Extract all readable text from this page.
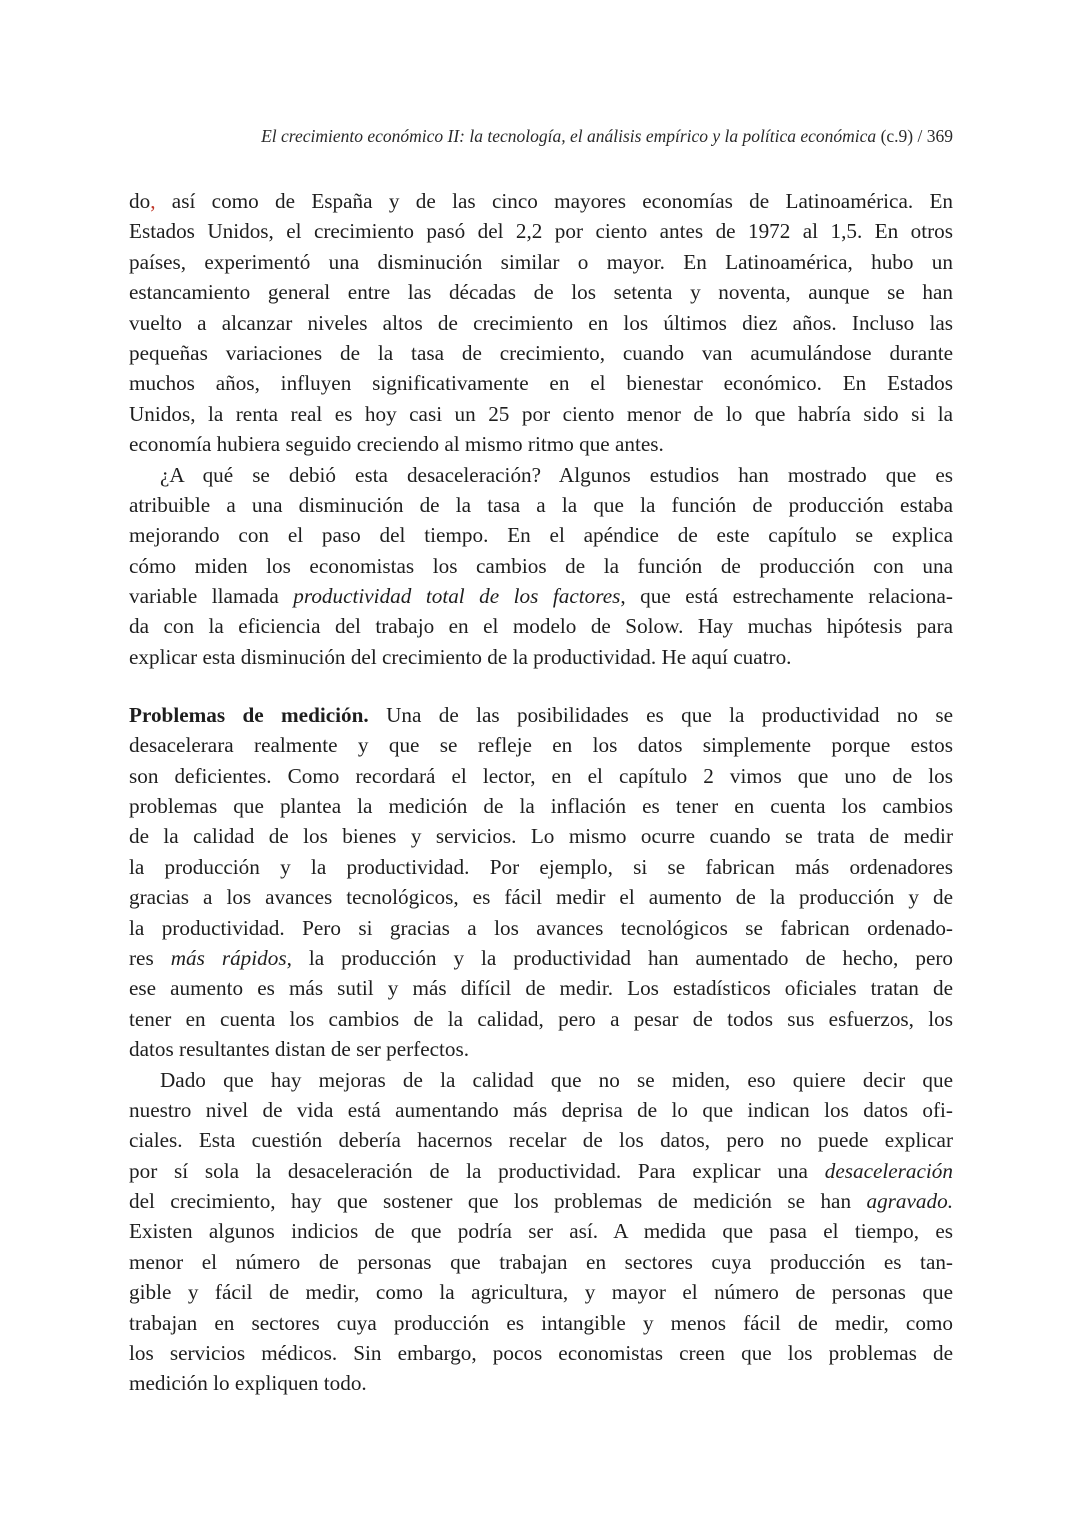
El crecimiento económico II: la tecnología, el análisis empírico y la política económica (c.9) / 369
do, así como de España y de las cinco mayores economías de Latinoamérica. En
Estados Unidos, el crecimiento pasó del 2,2 por ciento antes de 1972 al 1,5. En otros
países, experimentó una disminución similar o mayor. En Latinoamérica, hubo un
estancamiento general entre las décadas de los setenta y noventa, aunque se han
vuelto a alcanzar niveles altos de crecimiento en los últimos diez años. Incluso las
pequeñas variaciones de la tasa de crecimiento, cuando van acumulándose durante
muchos años, influyen significativamente en el bienestar económico. En Estados
Unidos, la renta real es hoy casi un 25 por ciento menor de lo que habría sido si la
economía hubiera seguido creciendo al mismo ritmo que antes.
¿A qué se debió esta desaceleración? Algunos estudios han mostrado que es
atribuible a una disminución de la tasa a la que la función de producción estaba
mejorando con el paso del tiempo. En el apéndice de este capítulo se explica
cómo miden los economistas los cambios de la función de producción con una
variable llamada productividad total de los factores, que está estrechamente relaciona-
da con la eficiencia del trabajo en el modelo de Solow. Hay muchas hipótesis para
explicar esta disminución del crecimiento de la productividad. He aquí cuatro.
Problemas de medición. Una de las posibilidades es que la productividad no se
desacelerara realmente y que se refleje en los datos simplemente porque estos
son deficientes. Como recordará el lector, en el capítulo 2 vimos que uno de los
problemas que plantea la medición de la inflación es tener en cuenta los cambios
de la calidad de los bienes y servicios. Lo mismo ocurre cuando se trata de medir
la producción y la productividad. Por ejemplo, si se fabrican más ordenadores
gracias a los avances tecnológicos, es fácil medir el aumento de la producción y de
la productividad. Pero si gracias a los avances tecnológicos se fabrican ordenado-
res más rápidos, la producción y la productividad han aumentado de hecho, pero
ese aumento es más sutil y más difícil de medir. Los estadísticos oficiales tratan de
tener en cuenta los cambios de la calidad, pero a pesar de todos sus esfuerzos, los
datos resultantes distan de ser perfectos.
Dado que hay mejoras de la calidad que no se miden, eso quiere decir que
nuestro nivel de vida está aumentando más deprisa de lo que indican los datos ofi-
ciales. Esta cuestión debería hacernos recelar de los datos, pero no puede explicar
por sí sola la desaceleración de la productividad. Para explicar una desaceleración
del crecimiento, hay que sostener que los problemas de medición se han agravado.
Existen algunos indicios de que podría ser así. A medida que pasa el tiempo, es
menor el número de personas que trabajan en sectores cuya producción es tan-
gible y fácil de medir, como la agricultura, y mayor el número de personas que
trabajan en sectores cuya producción es intangible y menos fácil de medir, como
los servicios médicos. Sin embargo, pocos economistas creen que los problemas de
medición lo expliquen todo.
